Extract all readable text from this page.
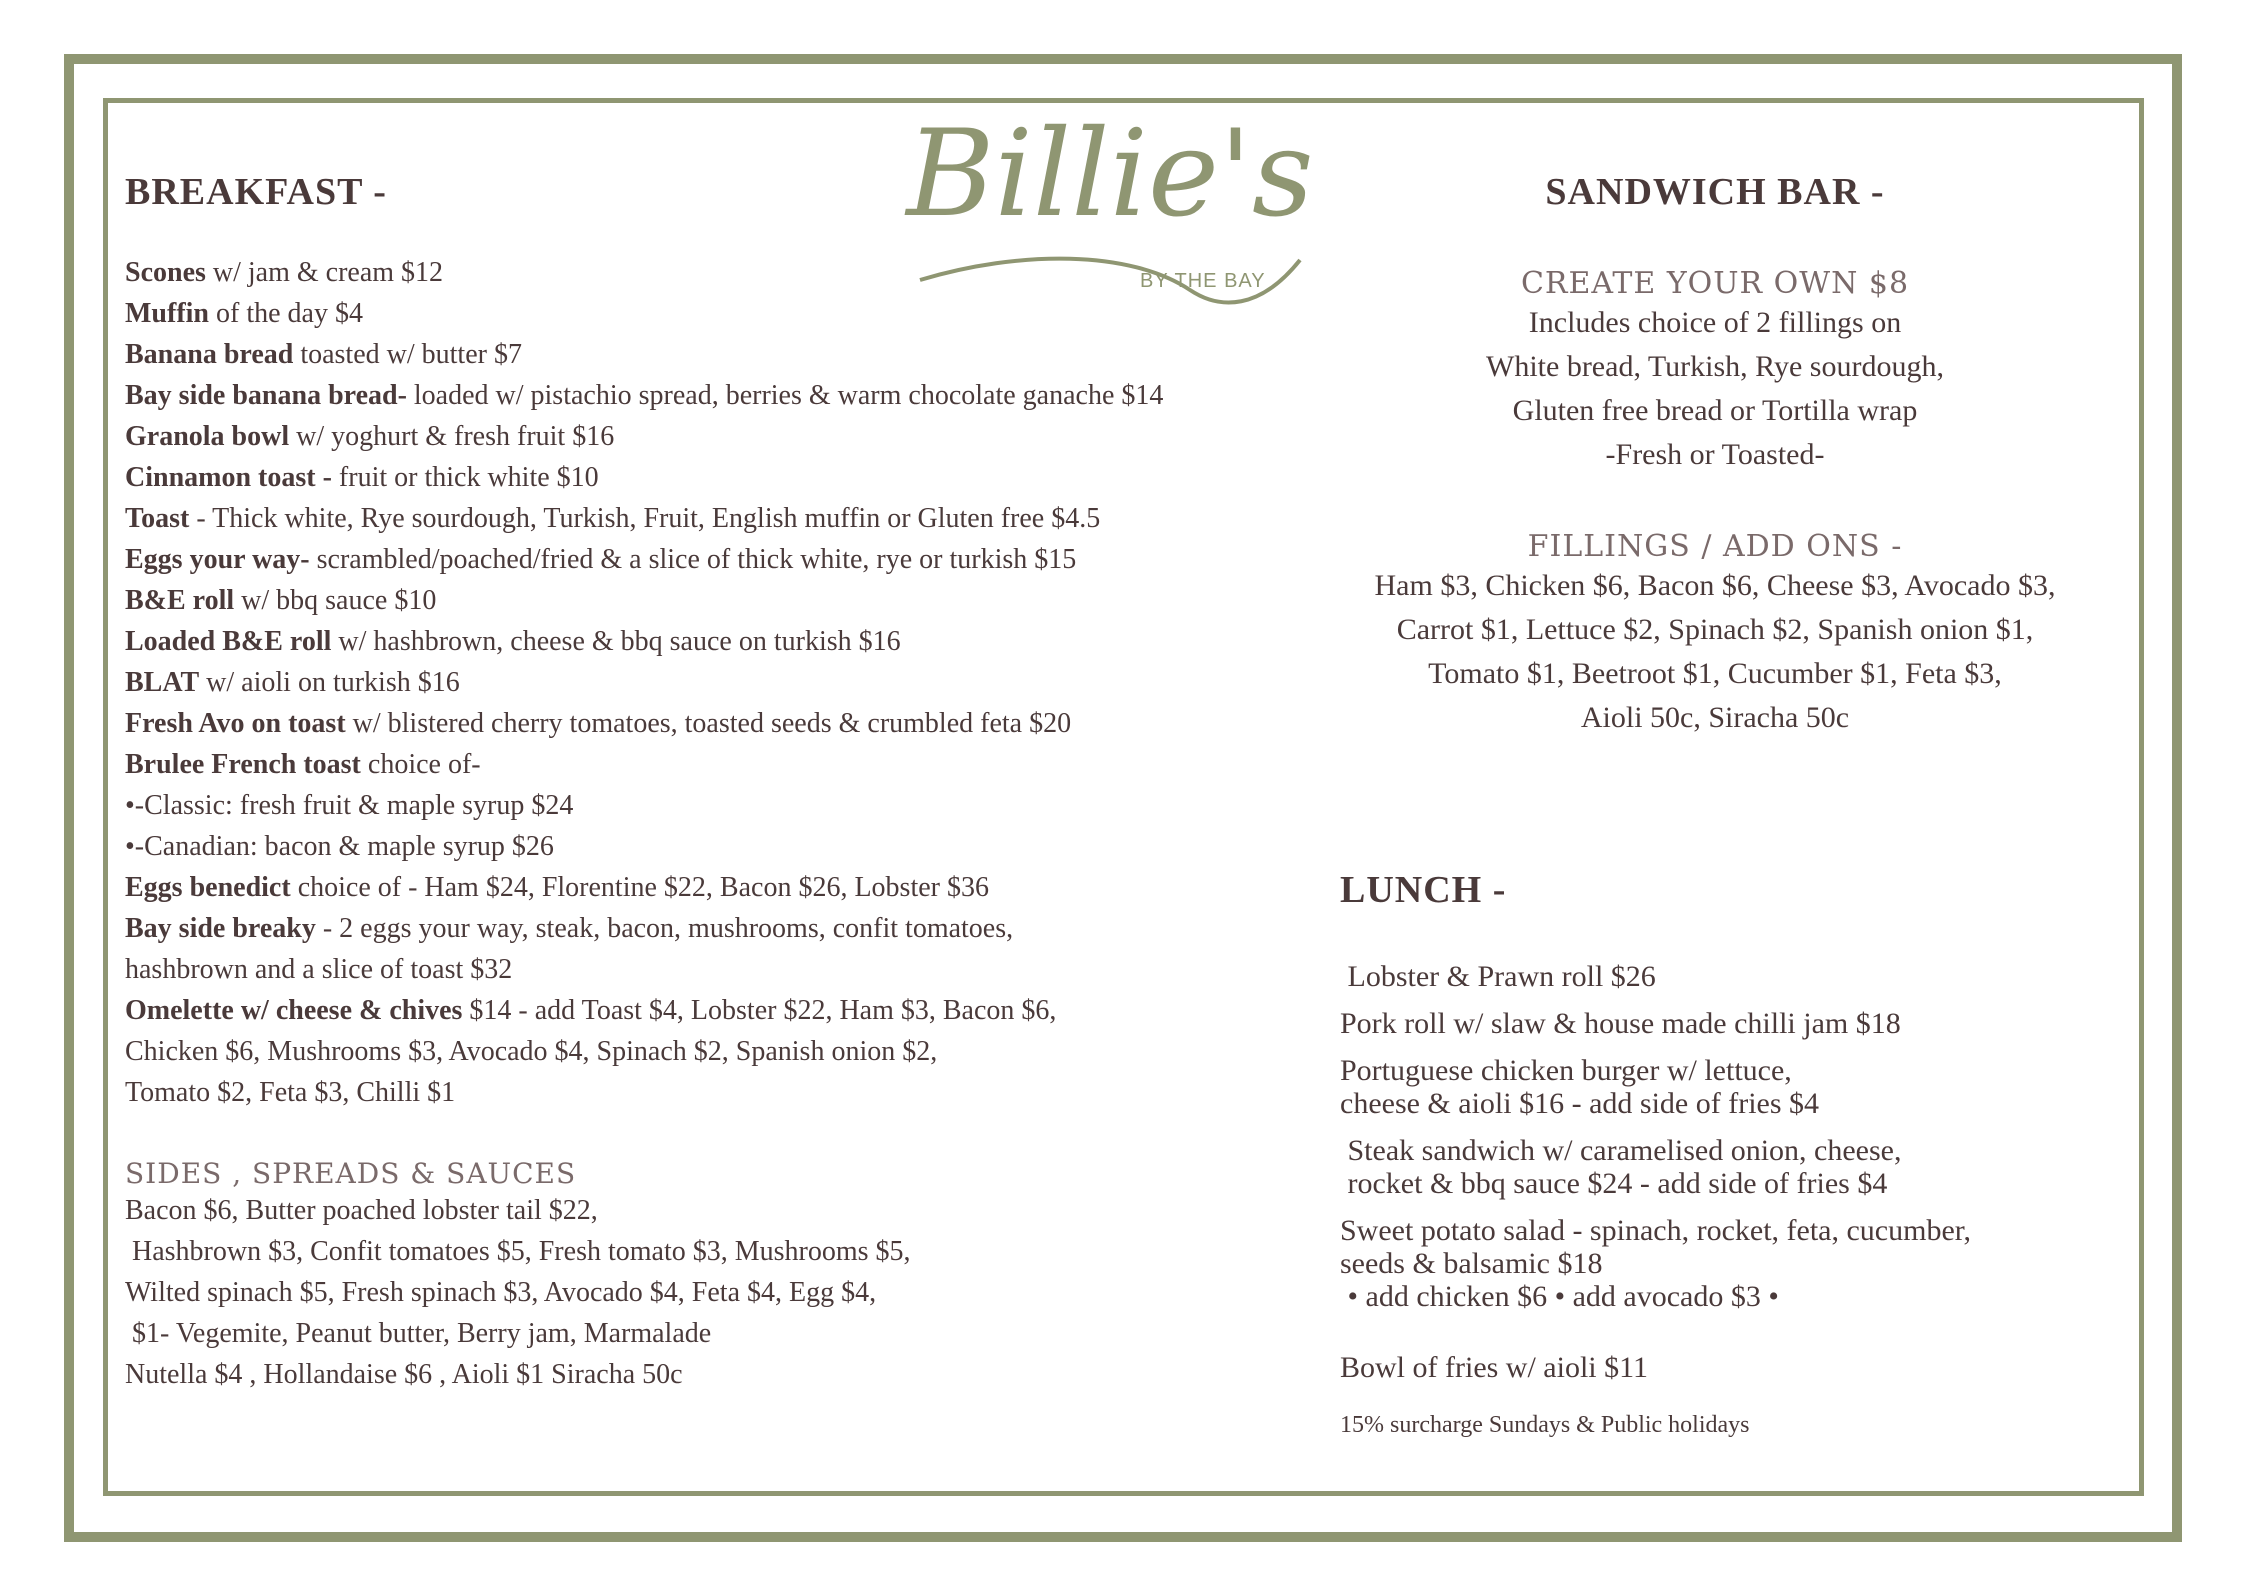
Billie's
BY THE BAY
BREAKFAST -
Scones w/ jam & cream $12
Muffin of the day $4
Banana bread toasted w/ butter $7
Bay side banana bread- loaded w/ pistachio spread, berries & warm chocolate ganache $14
Granola bowl w/ yoghurt & fresh fruit $16
Cinnamon toast - fruit or thick white $10
Toast - Thick white, Rye sourdough, Turkish, Fruit, English muffin or Gluten free $4.5
Eggs your way- scrambled/poached/fried & a slice of thick white, rye or turkish $15
B&E roll w/ bbq sauce $10
Loaded B&E roll w/ hashbrown, cheese & bbq sauce on turkish $16
BLAT w/ aioli on turkish $16
Fresh Avo on toast w/ blistered cherry tomatoes, toasted seeds & crumbled feta $20
Brulee French toast choice of-
•-Classic: fresh fruit & maple syrup $24
•-Canadian: bacon & maple syrup $26
Eggs benedict choice of - Ham $24, Florentine $22, Bacon $26, Lobster $36
Bay side breaky - 2 eggs your way, steak, bacon, mushrooms, confit tomatoes,
hashbrown and a slice of toast $32
Omelette w/ cheese & chives $14 - add Toast $4, Lobster $22, Ham $3, Bacon $6,
Chicken $6, Mushrooms $3, Avocado $4, Spinach $2, Spanish onion $2,
Tomato $2, Feta $3, Chilli $1
SIDES , SPREADS & SAUCES
Bacon $6, Butter poached lobster tail $22,
Hashbrown $3, Confit tomatoes $5, Fresh tomato $3, Mushrooms $5,
Wilted spinach $5, Fresh spinach $3, Avocado $4, Feta $4, Egg $4,
$1- Vegemite, Peanut butter, Berry jam, Marmalade
Nutella $4 , Hollandaise $6 , Aioli $1 Siracha 50c
SANDWICH BAR -
CREATE YOUR OWN $8
Includes choice of 2 fillings on
White bread, Turkish, Rye sourdough,
Gluten free bread or Tortilla wrap
-Fresh or Toasted-
FILLINGS / ADD ONS -
Ham $3, Chicken $6, Bacon $6, Cheese $3, Avocado $3,
Carrot $1, Lettuce $2, Spinach $2, Spanish onion $1,
Tomato $1, Beetroot $1, Cucumber $1, Feta $3,
Aioli 50c, Siracha 50c
LUNCH -
Lobster & Prawn roll $26
Pork roll w/ slaw & house made chilli jam $18
Portuguese chicken burger w/ lettuce,
cheese & aioli $16 - add side of fries $4
Steak sandwich w/ caramelised onion, cheese,
rocket & bbq sauce $24 - add side of fries $4
Sweet potato salad - spinach, rocket, feta, cucumber,
seeds & balsamic $18
• add chicken $6 • add avocado $3 •
Bowl of fries w/ aioli $11
15% surcharge Sundays & Public holidays
